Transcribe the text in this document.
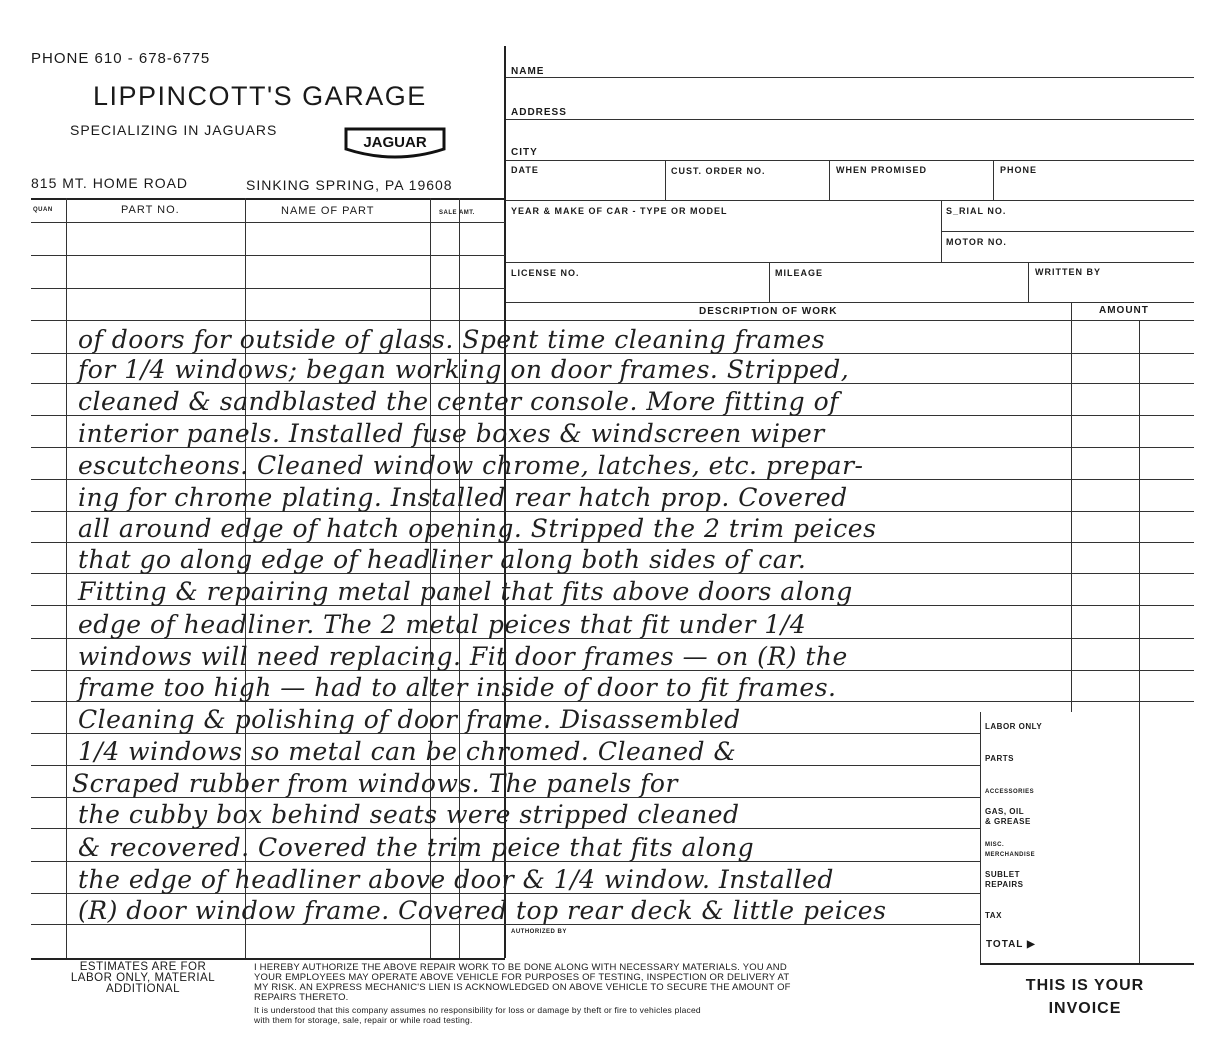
PHONE 610 - 678-6775
LIPPINCOTT'S GARAGE
SPECIALIZING IN JAGUARS
JAGUAR
815 MT. HOME ROAD	SINKING SPRING, PA 19608
NAME
ADDRESS
CITY
DATE	CUST. ORDER NO.	WHEN PROMISED	PHONE
YEAR & MAKE OF CAR - TYPE OR MODEL	S_RIAL NO.
MOTOR NO.
LICENSE NO.	MILEAGE	WRITTEN BY
DESCRIPTION OF WORK	AMOUNT
QUAN	PART NO.	NAME OF PART	SALE AMT.
of doors for outside of glass. Spent time cleaning frames
for 1/4 windows; began working on door frames. Stripped,
cleaned & sandblasted the center console. More fitting of
interior panels. Installed fuse boxes & windscreen wiper
escutcheons. Cleaned window chrome, latches, etc. prepar-
ing for chrome plating. Installed rear hatch prop. Covered
all around edge of hatch opening. Stripped the 2 trim peices
that go along edge of headliner along both sides of car.
Fitting & repairing metal panel that fits above doors along
edge of headliner. The 2 metal peices that fit under 1/4
windows will need replacing. Fit door frames — on (R) the
frame too high — had to alter inside of door to fit frames.
Cleaning & polishing of door frame. Disassembled
1/4 windows so metal can be chromed. Cleaned &
Scraped rubber from windows. The panels for
the cubby box behind seats were stripped cleaned
& recovered. Covered the trim peice that fits along
the edge of headliner above door & 1/4 window. Installed
(R) door window frame. Covered top rear deck & little peices
LABOR ONLY
PARTS
ACCESSORIES
GAS, OIL
& GREASE
MISC.
MERCHANDISE
SUBLET
REPAIRS
TAX
TOTAL ▶
AUTHORIZED BY
ESTIMATES ARE FOR
LABOR ONLY, MATERIAL
ADDITIONAL
I HEREBY AUTHORIZE THE ABOVE REPAIR WORK TO BE DONE ALONG WITH NECESSARY MATERIALS. YOU AND
YOUR EMPLOYEES MAY OPERATE ABOVE VEHICLE FOR PURPOSES OF TESTING, INSPECTION OR DELIVERY AT
MY RISK. AN EXPRESS MECHANIC'S LIEN IS ACKNOWLEDGED ON ABOVE VEHICLE TO SECURE THE AMOUNT OF
REPAIRS THERETO.
It is understood that this company assumes no responsibility for loss or damage by theft or fire to vehicles placed
with them for storage, sale, repair or while road testing.
THIS IS YOUR
INVOICE
